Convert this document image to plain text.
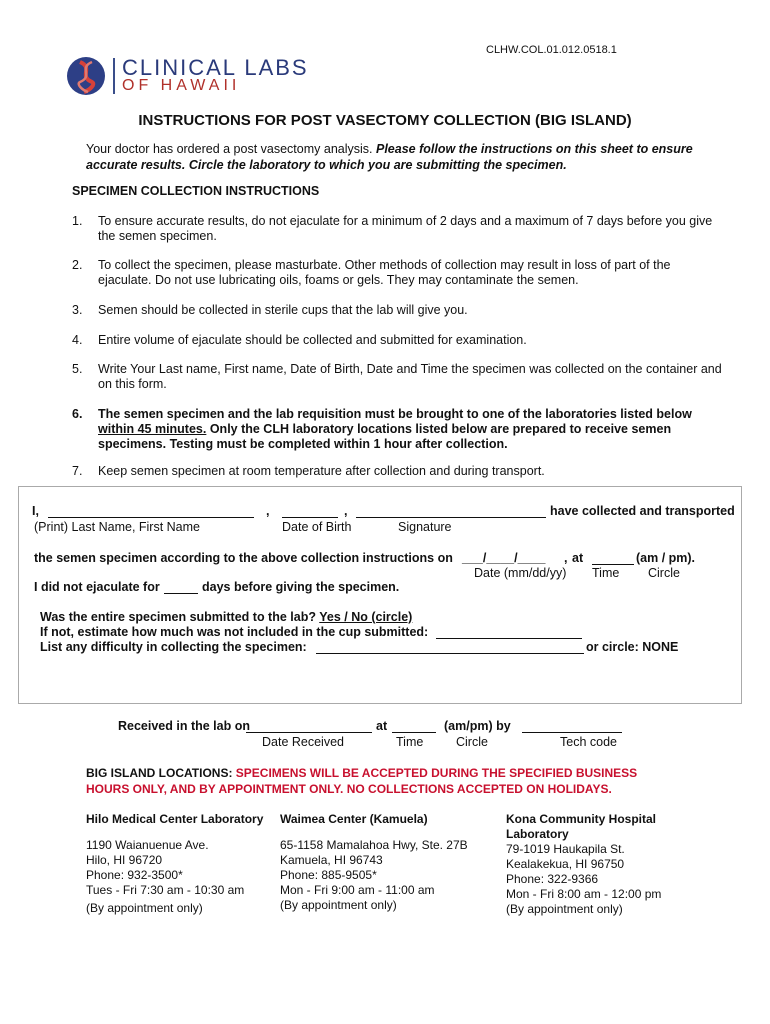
CLHW.COL.01.012.0518.1
CLINICAL LABS
OF HAWAII
INSTRUCTIONS FOR POST VASECTOMY COLLECTION (BIG ISLAND)
Your doctor has ordered a post vasectomy analysis. Please follow the instructions on this sheet to ensure accurate results. Circle the laboratory to which you are submitting the specimen.
SPECIMEN COLLECTION INSTRUCTIONS
1.	To ensure accurate results, do not ejaculate for a minimum of 2 days and a maximum of 7 days before you give the semen specimen.
2.	To collect the specimen, please masturbate. Other methods of collection may result in loss of part of the ejaculate. Do not use lubricating oils, foams or gels. They may contaminate the semen.
3.	Semen should be collected in sterile cups that the lab will give you.
4.	Entire volume of ejaculate should be collected and submitted for examination.
5.	Write Your Last name, First name, Date of Birth, Date and Time the specimen was collected on the container and on this form.
6.	The semen specimen and the lab requisition must be brought to one of the laboratories listed below within 45 minutes. Only the CLH laboratory locations listed below are prepared to receive semen specimens. Testing must be completed within 1 hour after collection.
7.	Keep semen specimen at room temperature after collection and during transport.
I,	,	,	have collected and transported
(Print) Last Name, First Name	Date of Birth	Signature
the semen specimen according to the above collection instructions on ___/____/____ , at	(am / pm).
Date (mm/dd/yy) Time Circle
I did not ejaculate for	days before giving the specimen.
Was the entire specimen submitted to the lab? Yes / No (circle)
If not, estimate how much was not included in the cup submitted:
List any difficulty in collecting the specimen:	or circle: NONE
Received in the lab on	at	(am/pm) by
Date Received	Time	Circle	Tech code
BIG ISLAND LOCATIONS: SPECIMENS WILL BE ACCEPTED DURING THE SPECIFIED BUSINESS HOURS ONLY, AND BY APPOINTMENT ONLY. NO COLLECTIONS ACCEPTED ON HOLIDAYS.
Hilo Medical Center Laboratory
1190 Waianuenue Ave.
Hilo, HI 96720
Phone: 932-3500*
Tues - Fri 7:30 am - 10:30 am
(By appointment only)
Waimea Center (Kamuela)
65-1158 Mamalahoa Hwy, Ste. 27B
Kamuela, HI 96743
Phone: 885-9505*
Mon - Fri 9:00 am - 11:00 am
(By appointment only)
Kona Community Hospital Laboratory
79-1019 Haukapila St.
Kealakekua, HI 96750
Phone: 322-9366
Mon - Fri 8:00 am - 12:00 pm
(By appointment only)
